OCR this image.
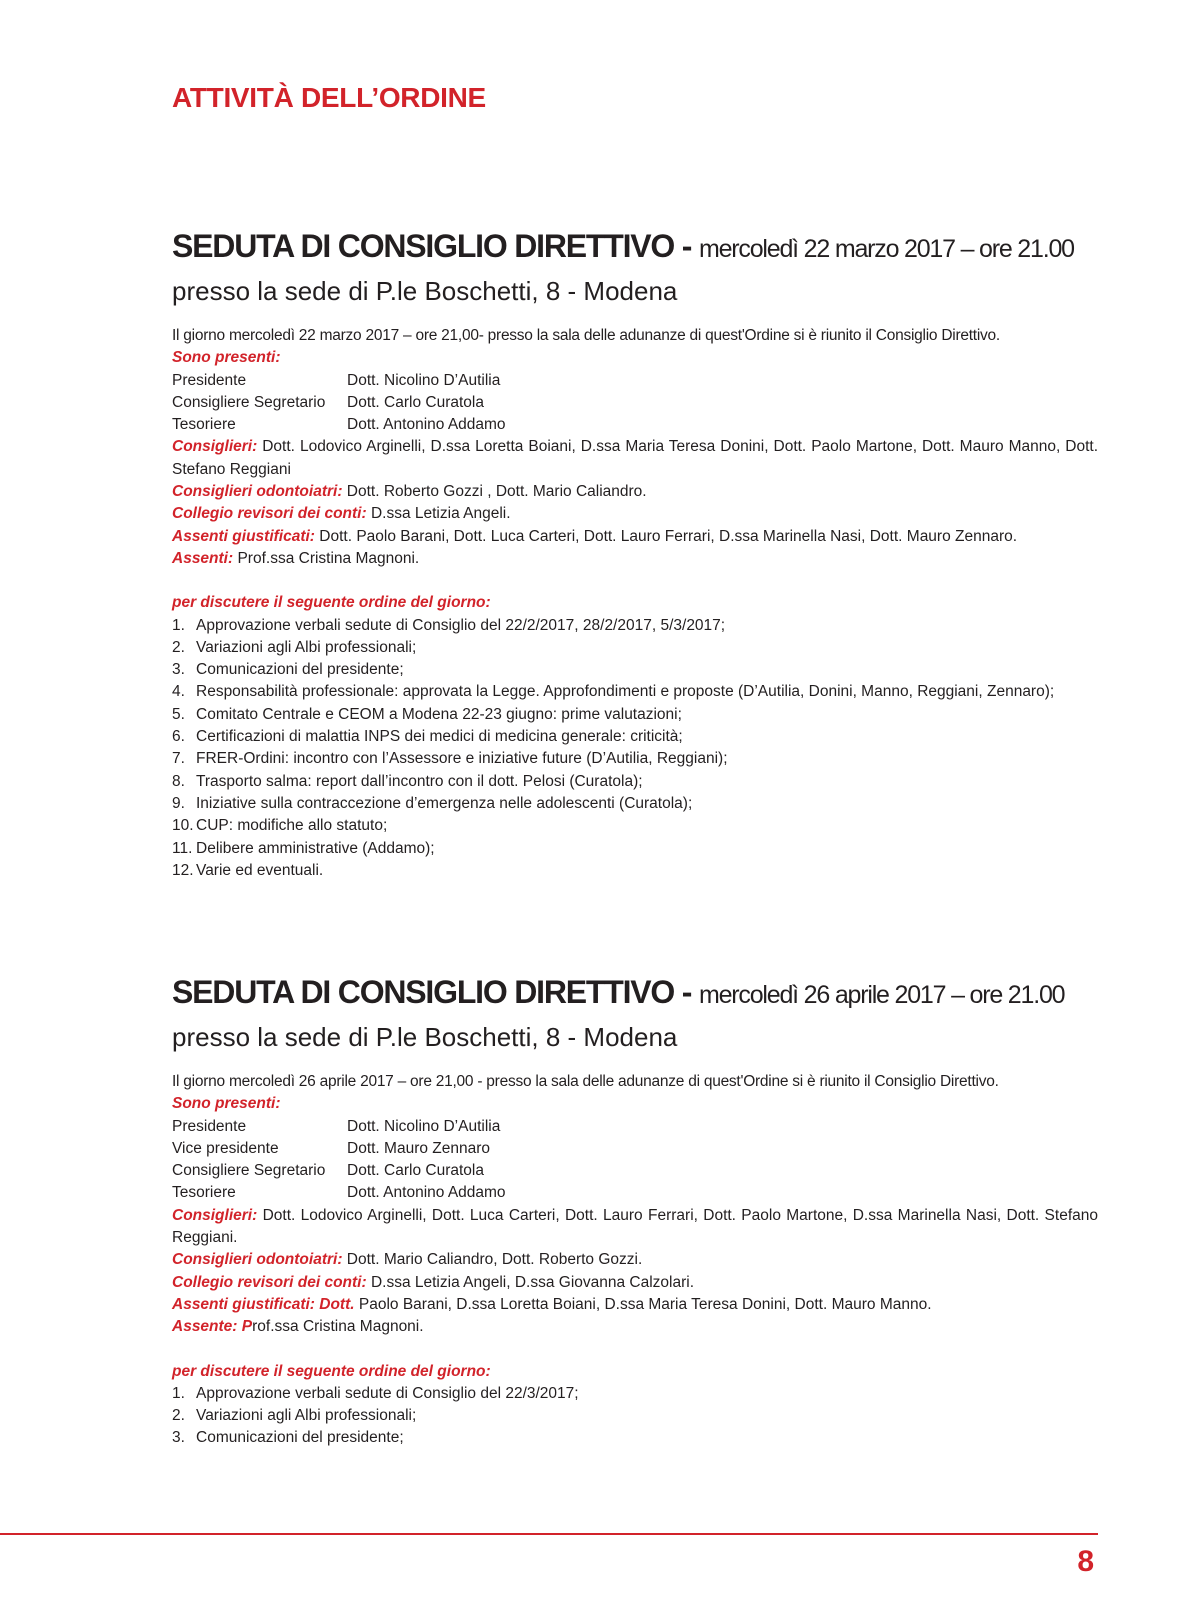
ATTIVITÀ DELL’ORDINE
SEDUTA DI CONSIGLIO DIRETTIVO - mercoledì 22 marzo 2017 – ore 21.00
presso la sede di P.le Boschetti, 8 - Modena
Il giorno mercoledì 22 marzo 2017 – ore 21,00- presso la sala delle adunanze di quest'Ordine si è riunito il Consiglio Direttivo.
Sono presenti:
Presidente	Dott. Nicolino D’Autilia
Consigliere Segretario	Dott. Carlo Curatola
Tesoriere	Dott. Antonino Addamo
Consiglieri: Dott. Lodovico Arginelli, D.ssa Loretta Boiani, D.ssa Maria Teresa Donini, Dott. Paolo Martone, Dott. Mauro Manno, Dott. Stefano Reggiani
Consiglieri odontoiatri: Dott. Roberto Gozzi , Dott. Mario Caliandro.
Collegio revisori dei conti: D.ssa Letizia Angeli.
Assenti giustificati: Dott. Paolo Barani, Dott. Luca Carteri, Dott. Lauro Ferrari, D.ssa Marinella Nasi, Dott. Mauro Zennaro.
Assenti: Prof.ssa Cristina Magnoni.
per discutere il seguente ordine del giorno:
1. Approvazione verbali sedute di Consiglio del 22/2/2017, 28/2/2017, 5/3/2017;
2. Variazioni agli Albi professionali;
3. Comunicazioni del presidente;
4. Responsabilità professionale: approvata la Legge. Approfondimenti e proposte (D’Autilia, Donini, Manno, Reggiani, Zennaro);
5. Comitato Centrale e CEOM a Modena 22-23 giugno: prime valutazioni;
6. Certificazioni di malattia INPS dei medici di medicina generale: criticità;
7. FRER-Ordini: incontro con l’Assessore e iniziative future (D’Autilia, Reggiani);
8. Trasporto salma: report dall’incontro con il dott. Pelosi (Curatola);
9. Iniziative sulla contraccezione d’emergenza nelle adolescenti (Curatola);
10. CUP: modifiche allo statuto;
11. Delibere amministrative (Addamo);
12. Varie ed eventuali.
SEDUTA DI CONSIGLIO DIRETTIVO - mercoledì 26 aprile 2017 – ore 21.00
presso la sede di P.le Boschetti, 8 - Modena
Il giorno mercoledì 26 aprile 2017 – ore 21,00 - presso la sala delle adunanze di quest'Ordine si è riunito il Consiglio Direttivo.
Sono presenti:
Presidente	Dott. Nicolino D’Autilia
Vice presidente	Dott. Mauro Zennaro
Consigliere Segretario	Dott. Carlo Curatola
Tesoriere	Dott. Antonino Addamo
Consiglieri: Dott. Lodovico Arginelli, Dott. Luca Carteri, Dott. Lauro Ferrari, Dott. Paolo Martone, D.ssa Marinella Nasi, Dott. Stefano Reggiani.
Consiglieri odontoiatri: Dott. Mario Caliandro, Dott. Roberto Gozzi.
Collegio revisori dei conti: D.ssa Letizia Angeli, D.ssa Giovanna Calzolari.
Assenti giustificati: Dott. Paolo Barani, D.ssa Loretta Boiani, D.ssa Maria Teresa Donini, Dott. Mauro Manno.
Assente: Prof.ssa Cristina Magnoni.
per discutere il seguente ordine del giorno:
1. Approvazione verbali sedute di Consiglio del 22/3/2017;
2. Variazioni agli Albi professionali;
3. Comunicazioni del presidente;
8
